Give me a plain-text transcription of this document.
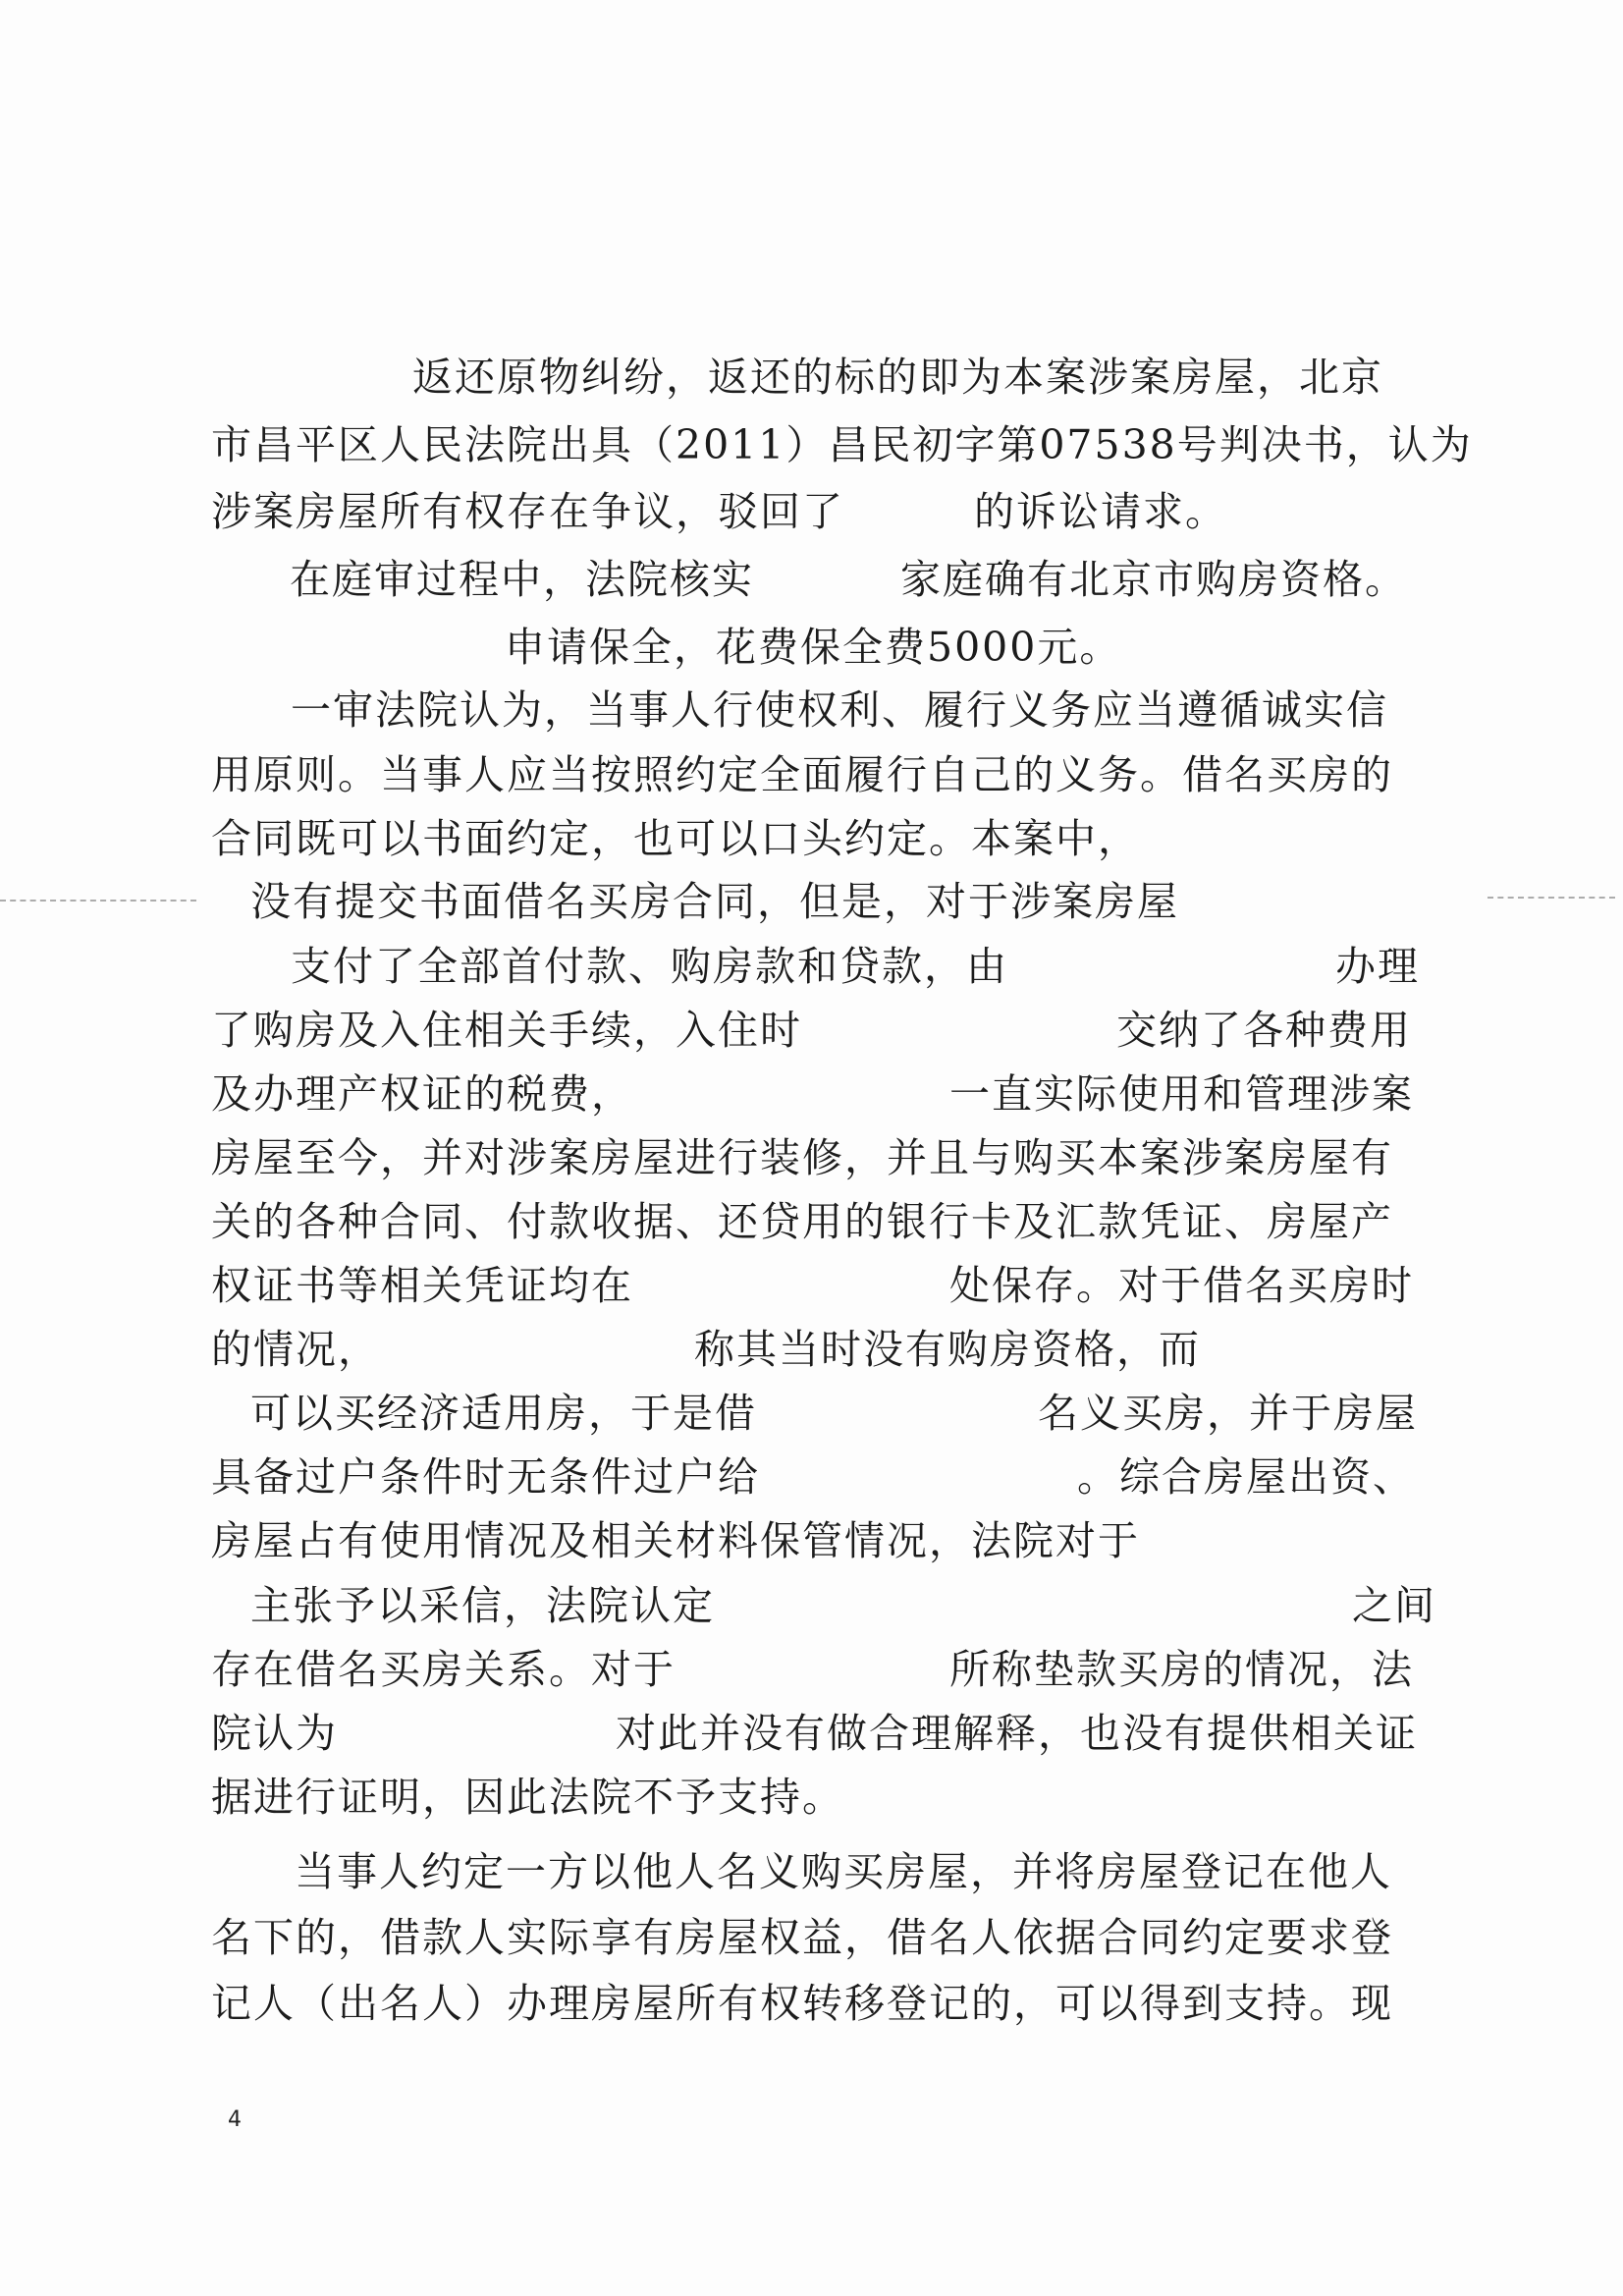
返还原物纠纷，返还的标的即为本案涉案房屋，北京
市昌平区人民法院出具（2011）昌民初字第07538号判决书，认为
涉案房屋所有权存在争议，驳回了	的诉讼请求。
在庭审过程中，法院核实	家庭确有北京市购房资格。
申请保全，花费保全费5000元。
一审法院认为，当事人行使权利、履行义务应当遵循诚实信
用原则。当事人应当按照约定全面履行自己的义务。借名买房的
合同既可以书面约定，也可以口头约定。本案中，
没有提交书面借名买房合同，但是，对于涉案房屋
支付了全部首付款、购房款和贷款，由	办理
了购房及入住相关手续，入住时	交纳了各种费用
及办理产权证的税费，	一直实际使用和管理涉案
房屋至今，并对涉案房屋进行装修，并且与购买本案涉案房屋有
关的各种合同、付款收据、还贷用的银行卡及汇款凭证、房屋产
权证书等相关凭证均在	处保存。对于借名买房时
的情况，	称其当时没有购房资格，而
可以买经济适用房，于是借	名义买房，并于房屋
具备过户条件时无条件过户给	。综合房屋出资、
房屋占有使用情况及相关材料保管情况，法院对于
主张予以采信，法院认定	之间
存在借名买房关系。对于	所称垫款买房的情况，法
院认为	对此并没有做合理解释，也没有提供相关证
据进行证明，因此法院不予支持。
当事人约定一方以他人名义购买房屋，并将房屋登记在他人
名下的，借款人实际享有房屋权益，借名人依据合同约定要求登
记人（出名人）办理房屋所有权转移登记的，可以得到支持。现
4
